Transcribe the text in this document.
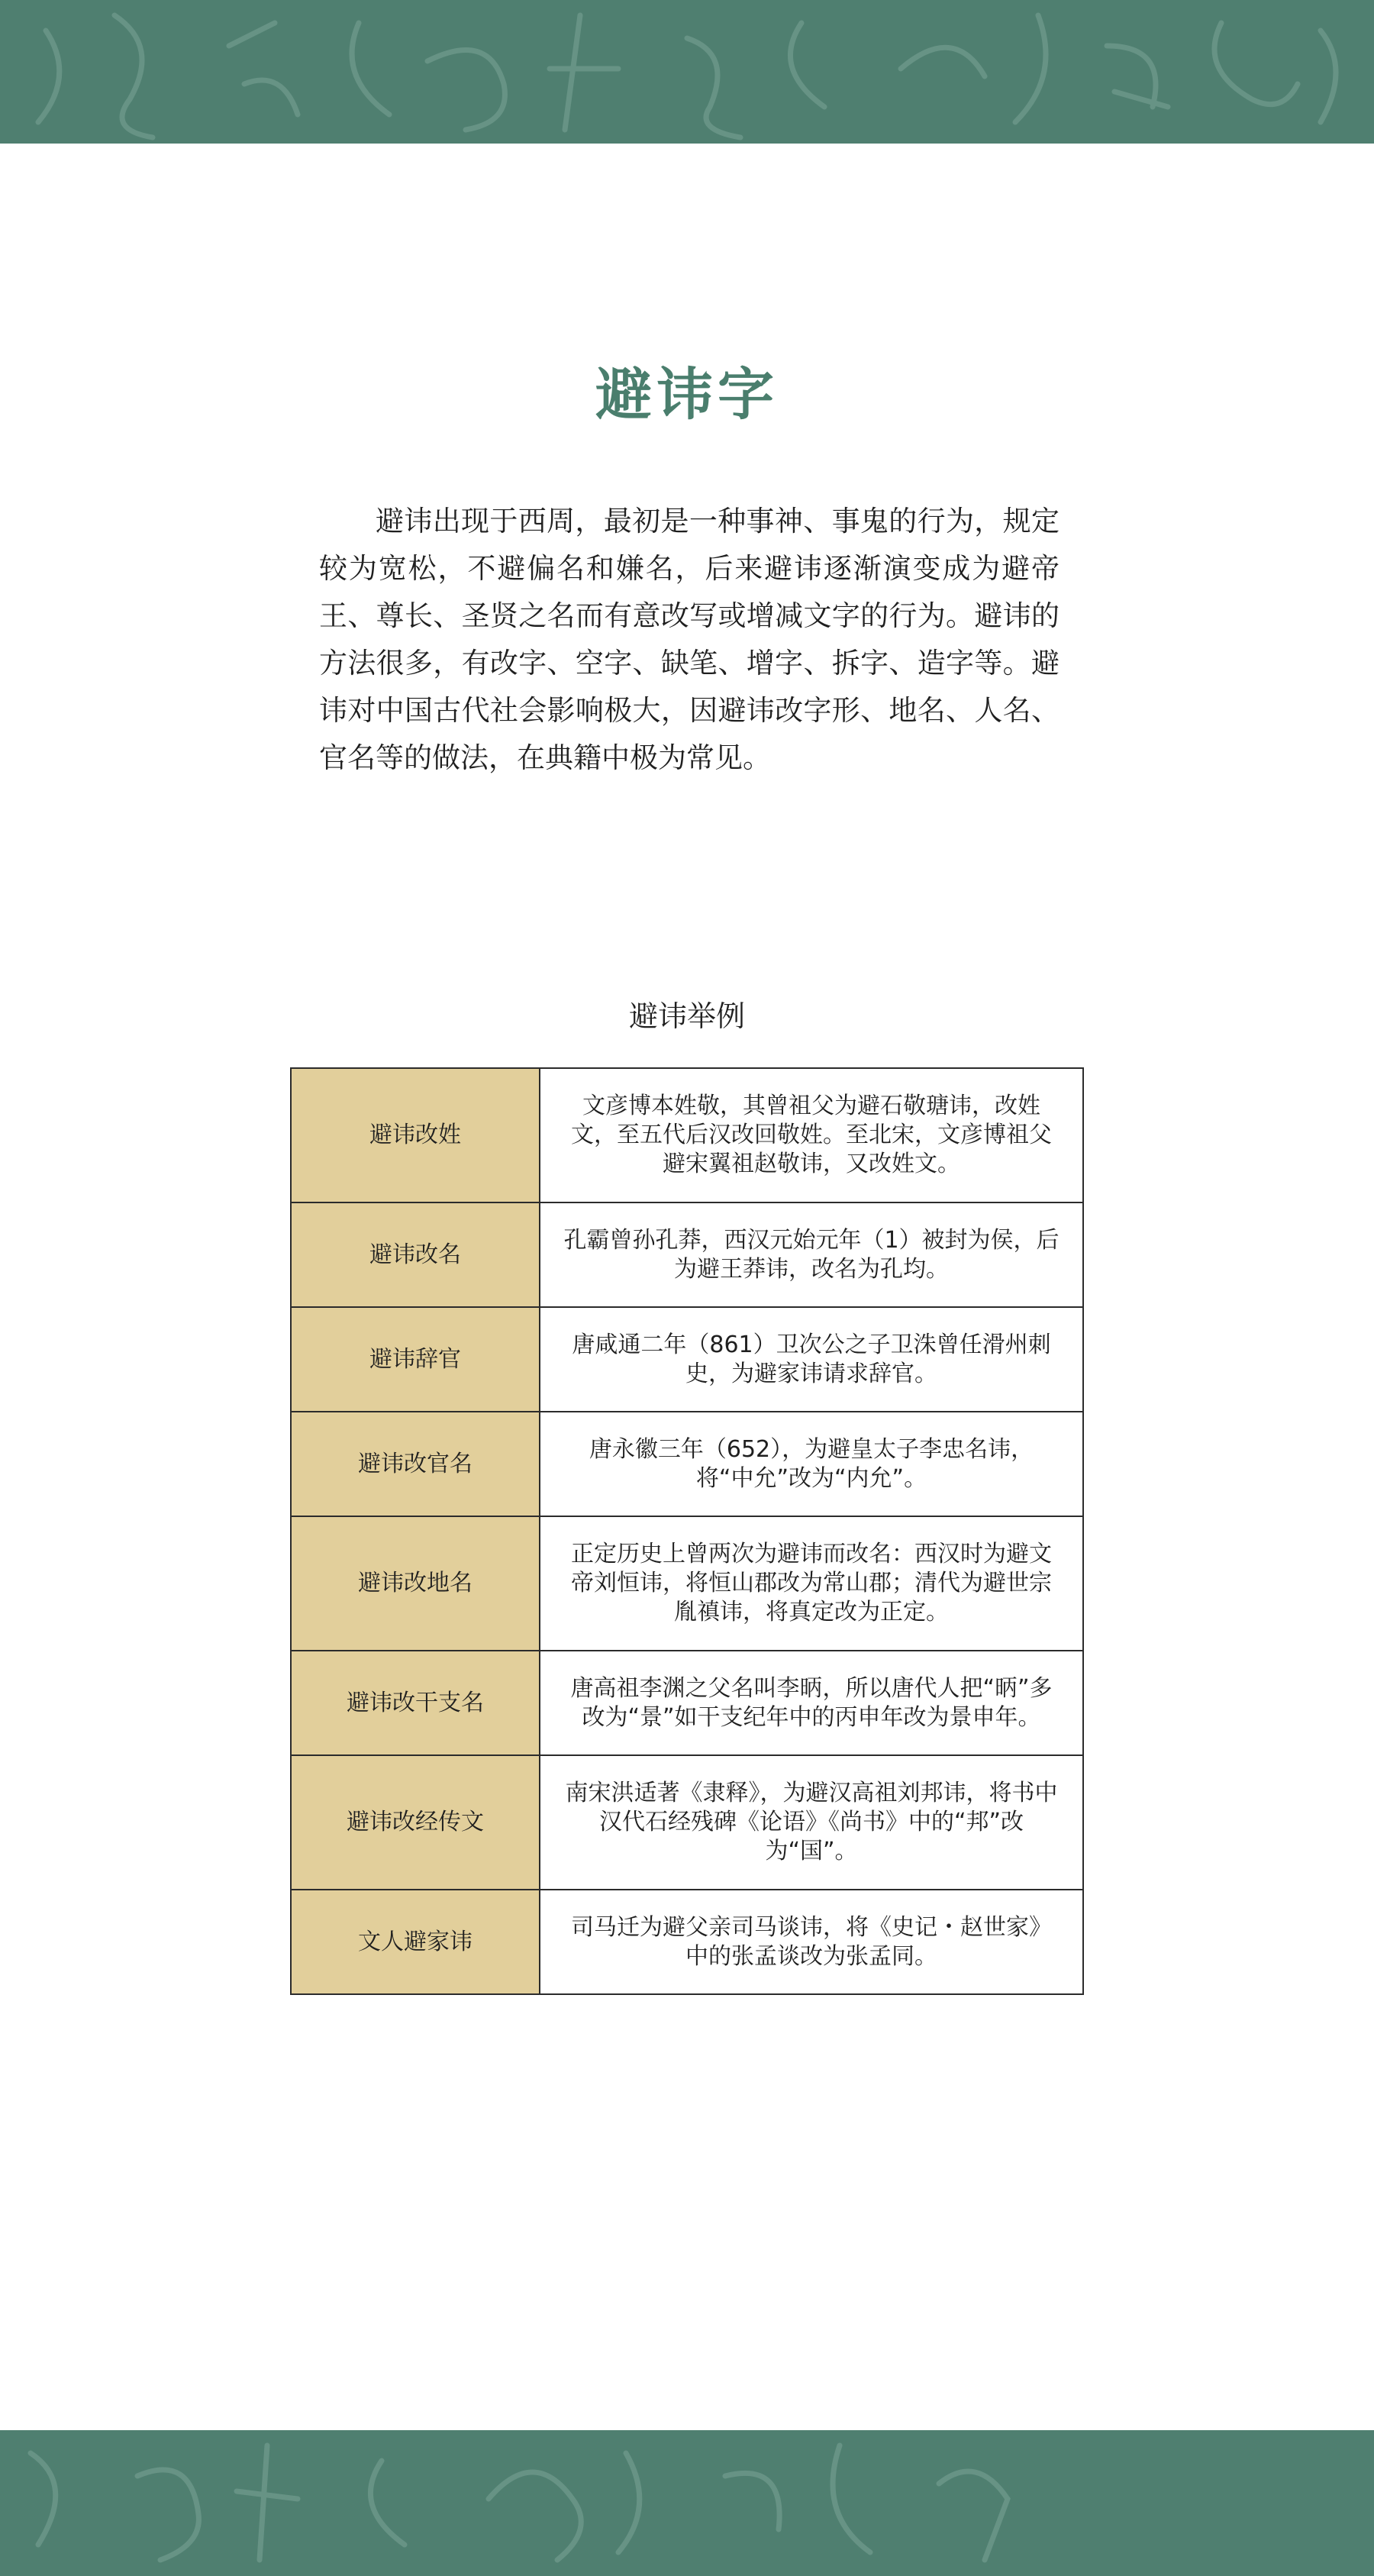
避讳字

避讳出现于西周，最初是一种事神、事鬼的行为，规定较为宽松，不避偏名和嫌名，后来避讳逐渐演变成为避帝王、尊长、圣贤之名而有意改写或增减文字的行为。避讳的方法很多，有改字、空字、缺笔、增字、拆字、造字等。避讳对中国古代社会影响极大，因避讳改字形、地名、人名、官名等的做法，在典籍中极为常见。

避讳举例
避讳改姓	文彦博本姓敬，其曾祖父为避石敬瑭讳，改姓文，至五代后汉改回敬姓。至北宋，文彦博祖父避宋翼祖赵敬讳，又改姓文。
避讳改名	孔霸曾孙孔莽，西汉元始元年（1）被封为侯，后为避王莽讳，改名为孔均。
避讳辞官	唐咸通二年（861）卫次公之子卫洙曾任滑州刺史，为避家讳请求辞官。
避讳改官名	唐永徽三年（652），为避皇太子李忠名讳，将“中允”改为“内允”。
避讳改地名	正定历史上曾两次为避讳而改名：西汉时为避文帝刘恒讳，将恒山郡改为常山郡；清代为避世宗胤禛讳，将真定改为正定。
避讳改干支名	唐高祖李渊之父名叫李昞，所以唐代人把“昞”多改为“景”如干支纪年中的丙申年改为景申年。
避讳改经传文	南宋洪适著《隶释》，为避汉高祖刘邦讳，将书中汉代石经残碑《论语》《尚书》中的“邦”改为“国”。
文人避家讳	司马迁为避父亲司马谈讳，将《史记・赵世家》中的张孟谈改为张孟同。
